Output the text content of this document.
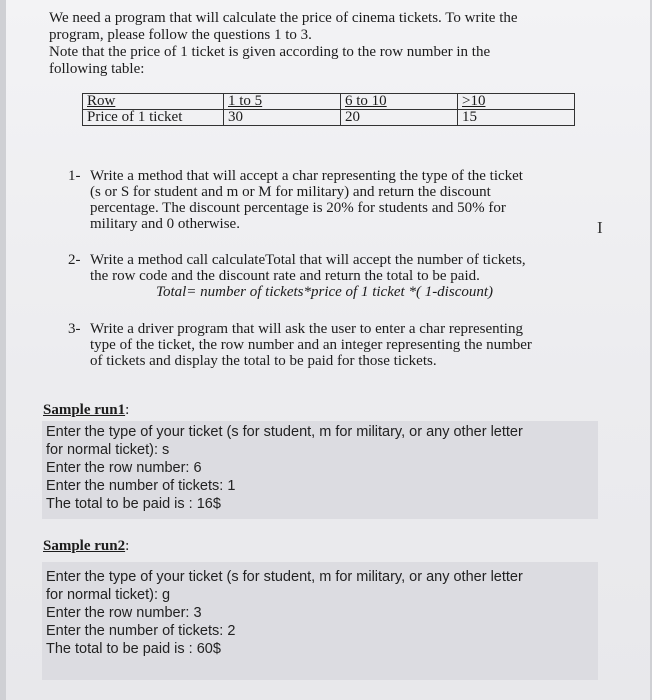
We need a program that will calculate the price of cinema tickets. To write the

program, please follow the questions 1 to 3.

Note that the price of 1 ticket is given according to the row number in the

following table:

Row	1 to 5	6 to 10	>10
Price of 1 ticket	30	20	15
1- Write a method that will accept a char representing the type of the ticket
(s or S for student and m or M for military) and return the discount
percentage. The discount percentage is 20% for students and 50% for
military and 0 otherwise.
2- Write a method call calculateTotal that will accept the number of tickets,
the row code and the discount rate and return the total to be paid.
Total= number of tickets*price of 1 ticket *( 1-discount)
3- Write a driver program that will ask the user to enter a char representing
type of the ticket, the row number and an integer representing the number
of tickets and display the total to be paid for those tickets.
I
Sample run1:
Enter the type of your ticket (s for student, m for military, or any other letter
for normal ticket): s
Enter the row number: 6
Enter the number of tickets: 1
The total to be paid is : 16$
Sample run2:
Enter the type of your ticket (s for student, m for military, or any other letter
for normal ticket): g
Enter the row number: 3
Enter the number of tickets: 2
The total to be paid is : 60$
